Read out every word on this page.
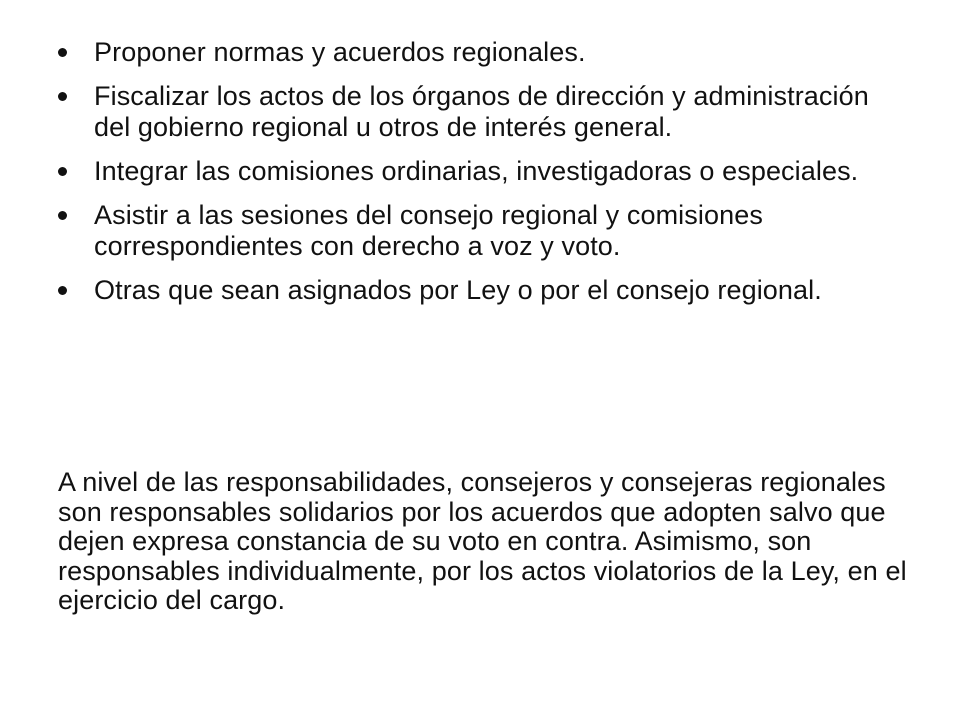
Proponer normas y acuerdos regionales.
Fiscalizar los actos de los órganos de dirección y administración del gobierno regional u otros de interés general.
Integrar las comisiones ordinarias, investigadoras o especiales.
Asistir a las sesiones del consejo regional y comisiones correspondientes con derecho a voz y voto.
Otras que sean asignados por Ley o por el consejo regional.

A nivel de las responsabilidades, consejeros y consejeras regionales son responsables solidarios por los acuerdos que adopten salvo que dejen expresa constancia de su voto en contra. Asimismo, son responsables individualmente, por los actos violatorios de la Ley, en el ejercicio del cargo.
